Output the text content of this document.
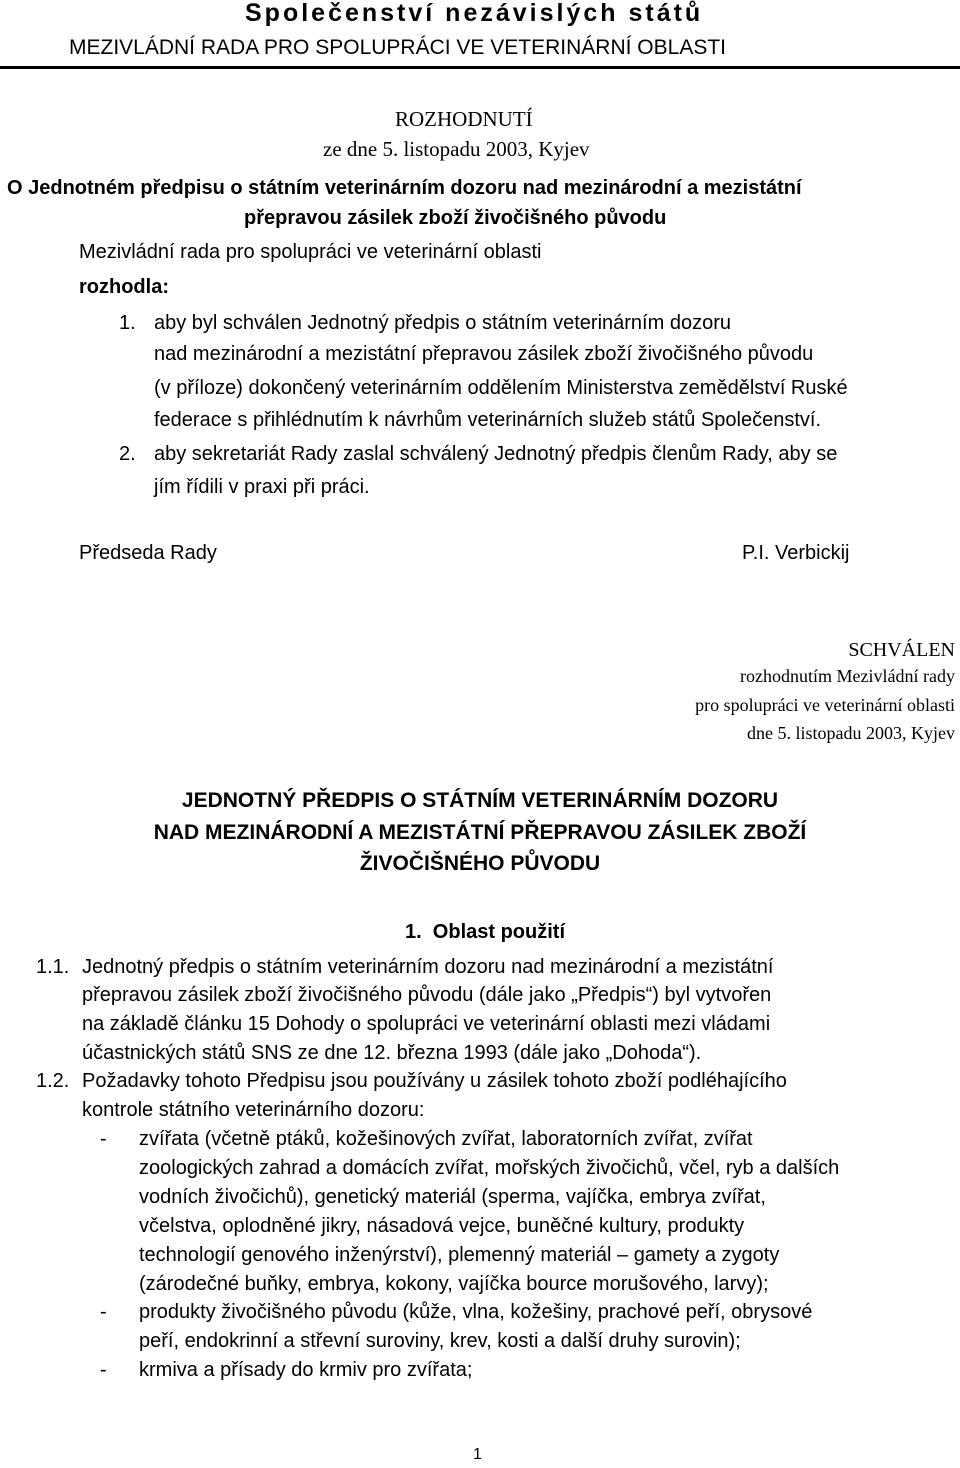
Společenství nezávislých států
MEZIVLÁDNÍ RADA PRO SPOLUPRÁCI VE VETERINÁRNÍ OBLASTI
ROZHODNUTÍ
ze dne 5. listopadu 2003, Kyjev
O Jednotném předpisu o státním veterinárním dozoru nad mezinárodní a mezistátní
přepravou zásilek zboží živočišného původu
Mezivládní rada pro spolupráci ve veterinární oblasti
rozhodla:
1. aby byl schválen Jednotný předpis o státním veterinárním dozoru
nad mezinárodní a mezistátní přepravou zásilek zboží živočišného původu
(v příloze) dokončený veterinárním oddělením Ministerstva zemědělství Ruské
federace s přihlédnutím k návrhům veterinárních služeb států Společenství.
2. aby sekretariát Rady zaslal schválený Jednotný předpis členům Rady, aby se
jím řídili v praxi při práci.
Předseda Rady	P.I. Verbickij
SCHVÁLEN
rozhodnutím Mezivládní rady
pro spolupráci ve veterinární oblasti
dne 5. listopadu 2003, Kyjev
JEDNOTNÝ PŘEDPIS O STÁTNÍM VETERINÁRNÍM DOZORU
NAD MEZINÁRODNÍ A MEZISTÁTNÍ PŘEPRAVOU ZÁSILEK ZBOŽÍ
ŽIVOČIŠNÉHO PŮVODU
1.  Oblast použití
1.1. Jednotný předpis o státním veterinárním dozoru nad mezinárodní a mezistátní
přepravou zásilek zboží živočišného původu (dále jako „Předpis“) byl vytvořen
na základě článku 15 Dohody o spolupráci ve veterinární oblasti mezi vládami
účastnických států SNS ze dne 12. března 1993 (dále jako „Dohoda“).
1.2. Požadavky tohoto Předpisu jsou používány u zásilek tohoto zboží podléhajícího
kontrole státního veterinárního dozoru:
- zvířata (včetně ptáků, kožešinových zvířat, laboratorních zvířat, zvířat
zoologických zahrad a domácích zvířat, mořských živočichů, včel, ryb a dalších
vodních živočichů), genetický materiál (sperma, vajíčka, embrya zvířat,
včelstva, oplodněné jikry, násadová vejce, buněčné kultury, produkty
technologií genového inženýrství), plemenný materiál – gamety a zygoty
(zárodečné buňky, embrya, kokony, vajíčka bource morušového, larvy);
- produkty živočišného původu (kůže, vlna, kožešiny, prachové peří, obrysové
peří, endokrinní a střevní suroviny, krev, kosti a další druhy surovin);
- krmiva a přísady do krmiv pro zvířata;
1
